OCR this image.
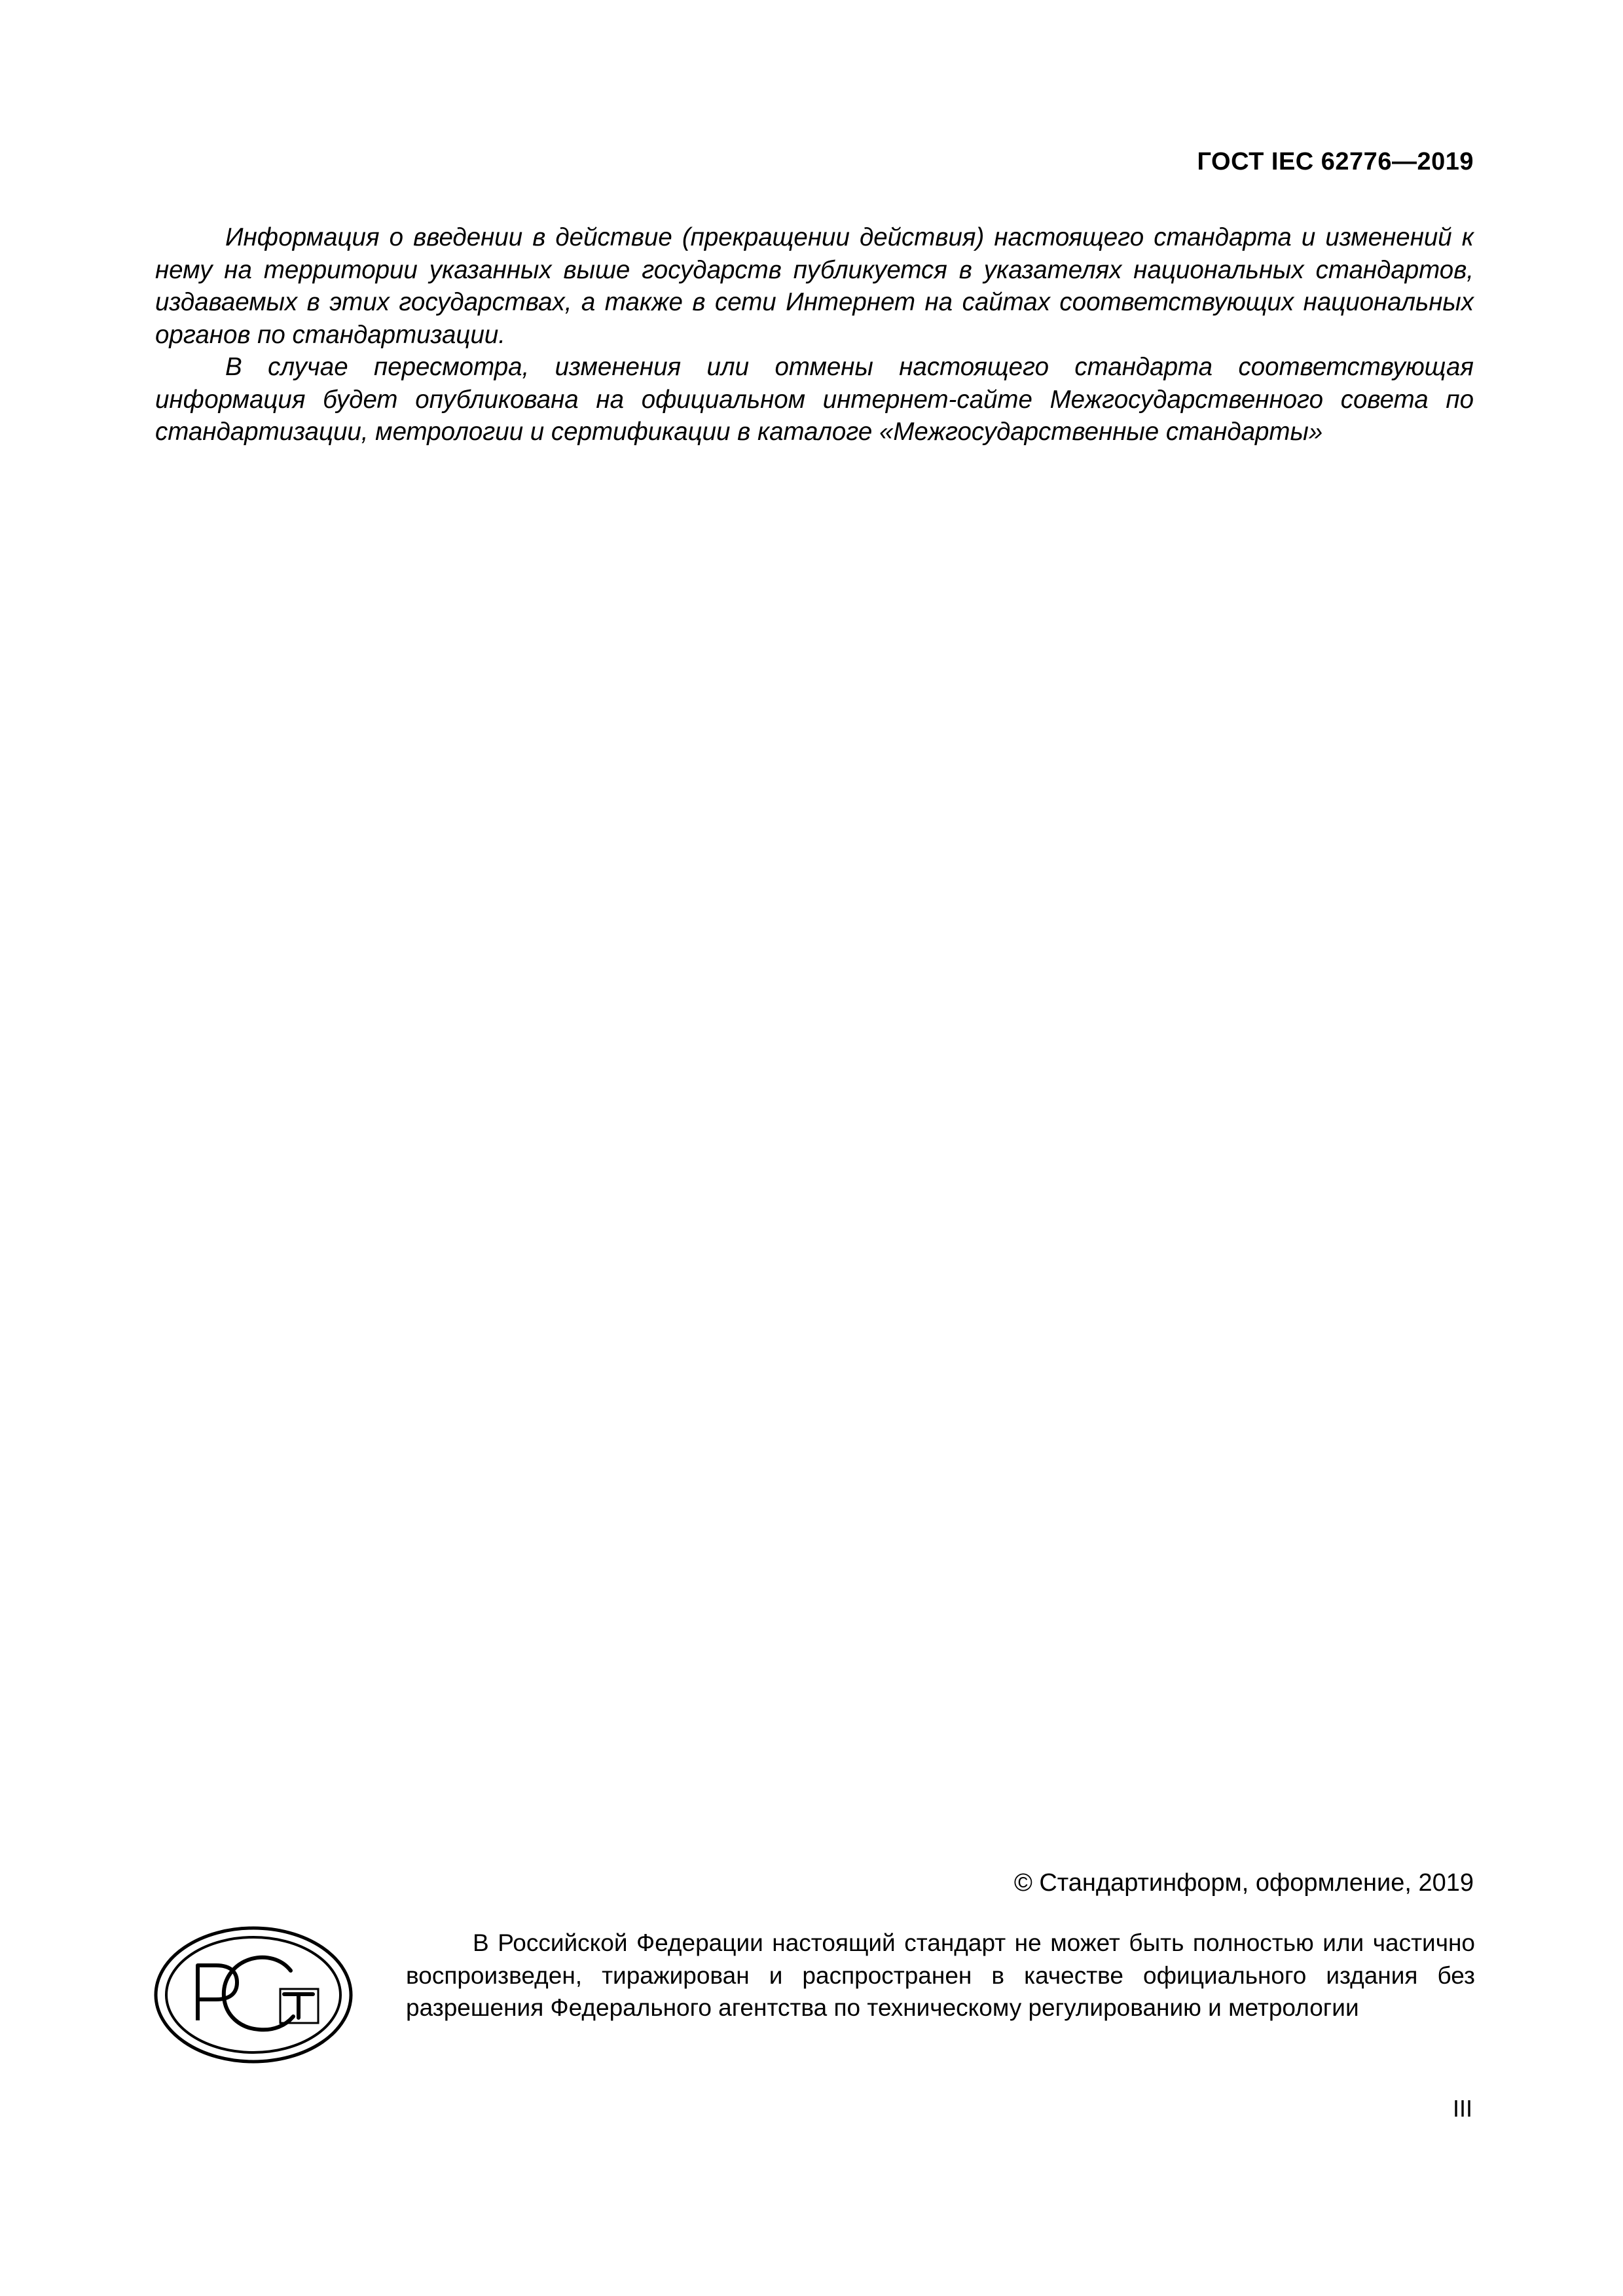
ГОСТ IEC 62776—2019

Информация о введении в действие (прекращении действия) настоящего стандарта и изменений к нему на территории указанных выше государств публикуется в указателях национальных стандартов, издаваемых в этих государствах, а также в сети Интернет на сайтах соответствующих национальных органов по стандартизации.

В случае пересмотра, изменения или отмены настоящего стандарта соответствующая информация будет опубликована на официальном интернет-сайте Межгосударственного совета по стандартизации, метрологии и сертификации в каталоге «Межгосударственные стандарты»

© Стандартинформ, оформление, 2019

В Российской Федерации настоящий стандарт не может быть полностью или частично воспроизведен, тиражирован и распространен в качестве официального издания без разрешения Федерального агентства по техническому регулированию и метрологии

III
